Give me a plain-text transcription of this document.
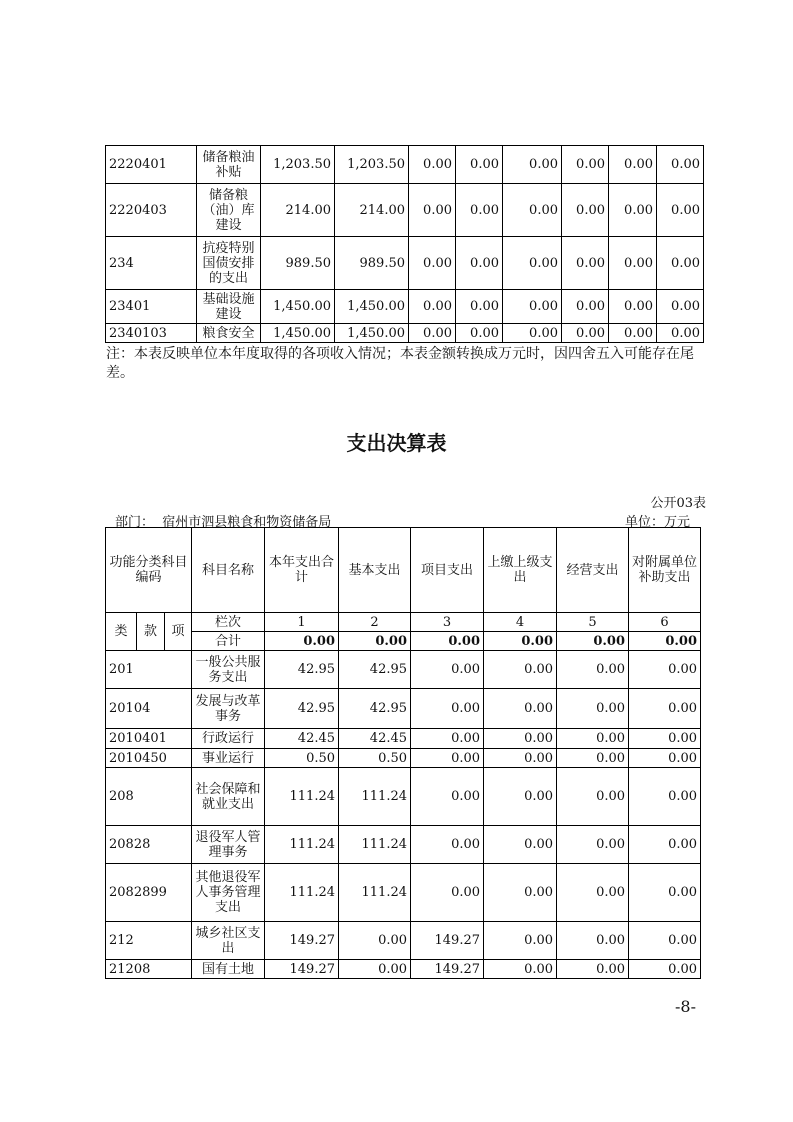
2220401	储备粮油补贴	1,203.50	1,203.50	0.00	0.00	0.00	0.00	0.00	0.00
2220403	储备粮（油）库建设	214.00	214.00	0.00	0.00	0.00	0.00	0.00	0.00
234	抗疫特别国债安排的支出	989.50	989.50	0.00	0.00	0.00	0.00	0.00	0.00
23401	基础设施建设	1,450.00	1,450.00	0.00	0.00	0.00	0.00	0.00	0.00
2340103	粮食安全	1,450.00	1,450.00	0.00	0.00	0.00	0.00	0.00	0.00

注：本表反映单位本年度取得的各项收入情况；本表金额转换成万元时，因四舍五入可能存在尾差。

支出决算表
公开03表
部门： 宿州市泗县粮食和物资储备局	单位：万元
功能分类科目编码			科目名称	本年支出合计	基本支出	项目支出	上缴上级支出	经营支出	对附属单位补助支出
类	款	项	栏次	1	2	3	4	5	6
			合计	0.00	0.00	0.00	0.00	0.00	0.00
201			一般公共服务支出	42.95	42.95	0.00	0.00	0.00	0.00
20104			发展与改革事务	42.95	42.95	0.00	0.00	0.00	0.00
2010401			行政运行	42.45	42.45	0.00	0.00	0.00	0.00
2010450			事业运行	0.50	0.50	0.00	0.00	0.00	0.00
208			社会保障和就业支出	111.24	111.24	0.00	0.00	0.00	0.00
20828			退役军人管理事务	111.24	111.24	0.00	0.00	0.00	0.00
2082899			其他退役军人事务管理支出	111.24	111.24	0.00	0.00	0.00	0.00
212			城乡社区支出	149.27	0.00	149.27	0.00	0.00	0.00
21208			国有土地	149.27	0.00	149.27	0.00	0.00	0.00
-8-
